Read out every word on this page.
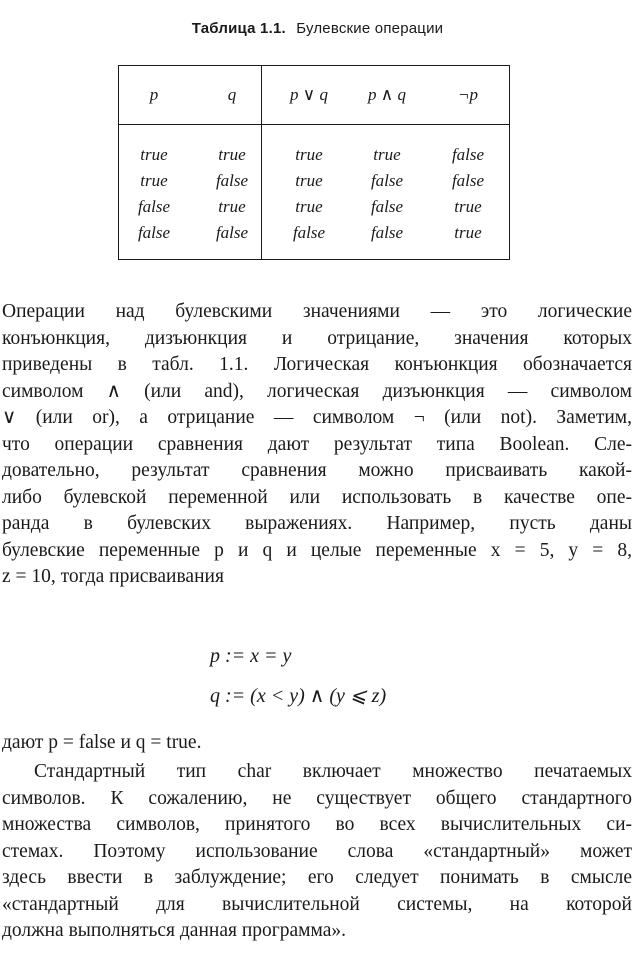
Таблица 1.1. Булевские операции
p	q	p ∨ q	p ∧ q	¬p
true	true	true	true	false
true	false	true	false	false
false	true	true	false	true
false	false	false	false	true

Операции над булевскими значениями — это логические
конъюнкция, дизъюнкция и отрицание, значения которых
приведены в табл. 1.1. Логическая конъюнкция обозначается
символом ∧ (или and), логическая дизъюнкция — символом
∨ (или or), а отрицание — символом ¬ (или not). Заметим,
что операции сравнения дают результат типа Boolean. Сле-
довательно, результат сравнения можно присваивать какой-
либо булевской переменной или использовать в качестве опе-
ранда в булевских выражениях. Например, пусть даны
булевские переменные p и q и целые переменные x = 5, y = 8,
z = 10, тогда присваивания

p := x = y
q := (x < y) ∧ (y ⩽ z)
дают p = false и q = true.
Стандартный тип char включает множество печатаемых
символов. К сожалению, не существует общего стандартного
множества символов, принятого во всех вычислительных си-
стемах. Поэтому использование слова «стандартный» может
здесь ввести в заблуждение; его следует понимать в смысле
«стандартный для вычислительной системы, на которой
должна выполняться данная программа».
